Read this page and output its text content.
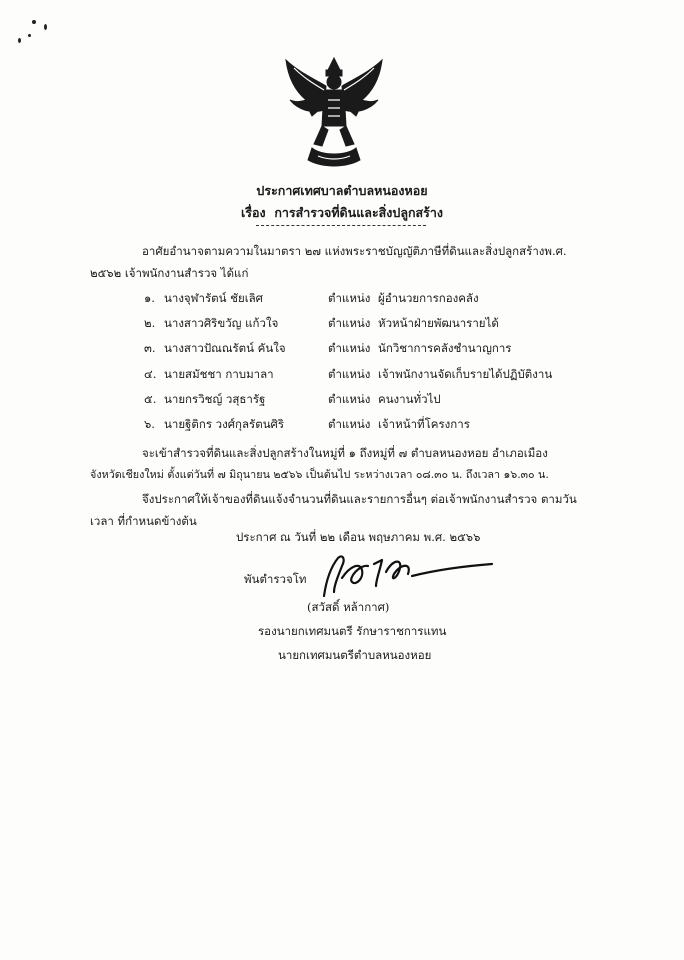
ประกาศเทศบาลตำบลหนองหอย
เรื่อง การสำรวจที่ดินและสิ่งปลูกสร้าง
อาศัยอำนาจตามความในมาตรา ๒๗ แห่งพระราชบัญญัติภาษีที่ดินและสิ่งปลูกสร้างพ.ศ.
๒๕๖๒ เจ้าพนักงานสำรวจ ได้แก่
๑. นางจุฬารัตน์ ชัยเลิศ	ตำแหน่ง ผู้อำนวยการกองคลัง
๒. นางสาวศิริขวัญ แก้วใจ	ตำแหน่ง หัวหน้าฝ่ายพัฒนารายได้
๓. นางสาวปัณณรัตน์ คันใจ	ตำแหน่ง นักวิชาการคลังชำนาญการ
๔. นายสมัชชา กาบมาลา	ตำแหน่ง เจ้าพนักงานจัดเก็บรายได้ปฏิบัติงาน
๕. นายกรวิชญ์ วสุธารัฐ	ตำแหน่ง คนงานทั่วไป
๖. นายฐิติกร วงศ์กุลรัตนศิริ	ตำแหน่ง เจ้าหน้าที่โครงการ
จะเข้าสำรวจที่ดินและสิ่งปลูกสร้างในหมู่ที่ ๑ ถึงหมู่ที่ ๗ ตำบลหนองหอย อำเภอเมือง
จังหวัดเชียงใหม่ ตั้งแต่วันที่ ๗ มิถุนายน ๒๕๖๖ เป็นต้นไป ระหว่างเวลา ๐๘.๓๐ น. ถึงเวลา ๑๖.๓๐ น.
จึงประกาศให้เจ้าของที่ดินแจ้งจำนวนที่ดินและรายการอื่นๆ ต่อเจ้าพนักงานสำรวจ ตามวัน
เวลา ที่กำหนดข้างต้น
ประกาศ ณ วันที่ ๒๒ เดือน พฤษภาคม พ.ศ. ๒๕๖๖
พันตำรวจโท
(สวัสดิ์ หล้ากาศ)
รองนายกเทศมนตรี รักษาราชการแทน
นายกเทศมนตรีตำบลหนองหอย
